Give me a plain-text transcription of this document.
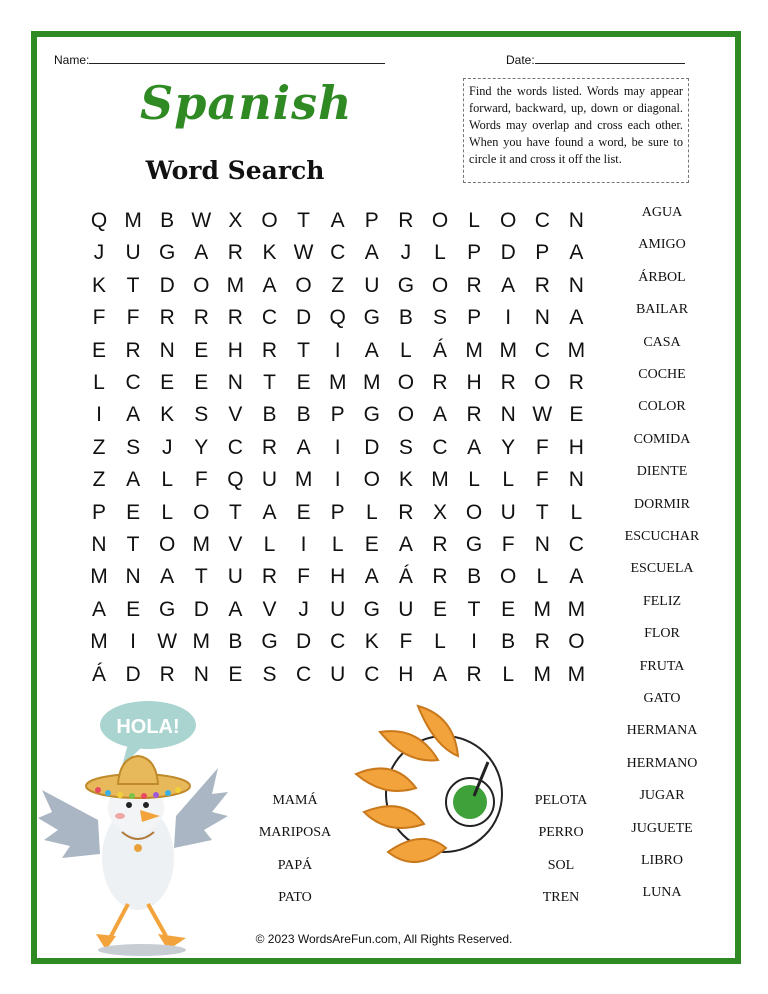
Name:	Date:
Spanish
Word Search
Find the words listed. Words may appear forward, backward, up, down or diagonal. Words may overlap and cross each other. When you have found a word, be sure to circle it and cross it off the list.
Q M B W X O T A P R O L O C N
J	U G A R K W C A	J	L	P D P A
K T D O M A O Z U G O R A R N
F	F R R R C D Q G B S P	I	N A
E R N E H R T	I	A	L	Á M M C M
L C E E N T E M M O R H R O R
I	A K S V B B P G O A R N W E
Z S	J	Y C R A	I	D S C A Y F H
Z A	L	F Q U M	I	O K M L	L	F N
P E	L O T A E P	L R X O U T	L
N T O M V	L	I	L	E A R G F N C
M N A T U R F H A Á R B O L	A
A E G D A V	J	U G U E T E M M
M	I	W M B G D C K F	L	I	B R O
Á D R N E S C U C H A R L M M
AGUA
AMIGO
ÁRBOL
BAILAR
CASA
COCHE
COLOR
COMIDA
DIENTE
DORMIR
ESCUCHAR
ESCUELA
FELIZ
FLOR
FRUTA
GATO
HERMANA
HERMANO
JUGAR
JUGUETE
LIBRO
LUNA
MAMÁ
MARIPOSA
PAPÁ
PATO
PELOTA
PERRO
SOL
TREN
HOLA!
© 2023 WordsAreFun.com, All Rights Reserved.
